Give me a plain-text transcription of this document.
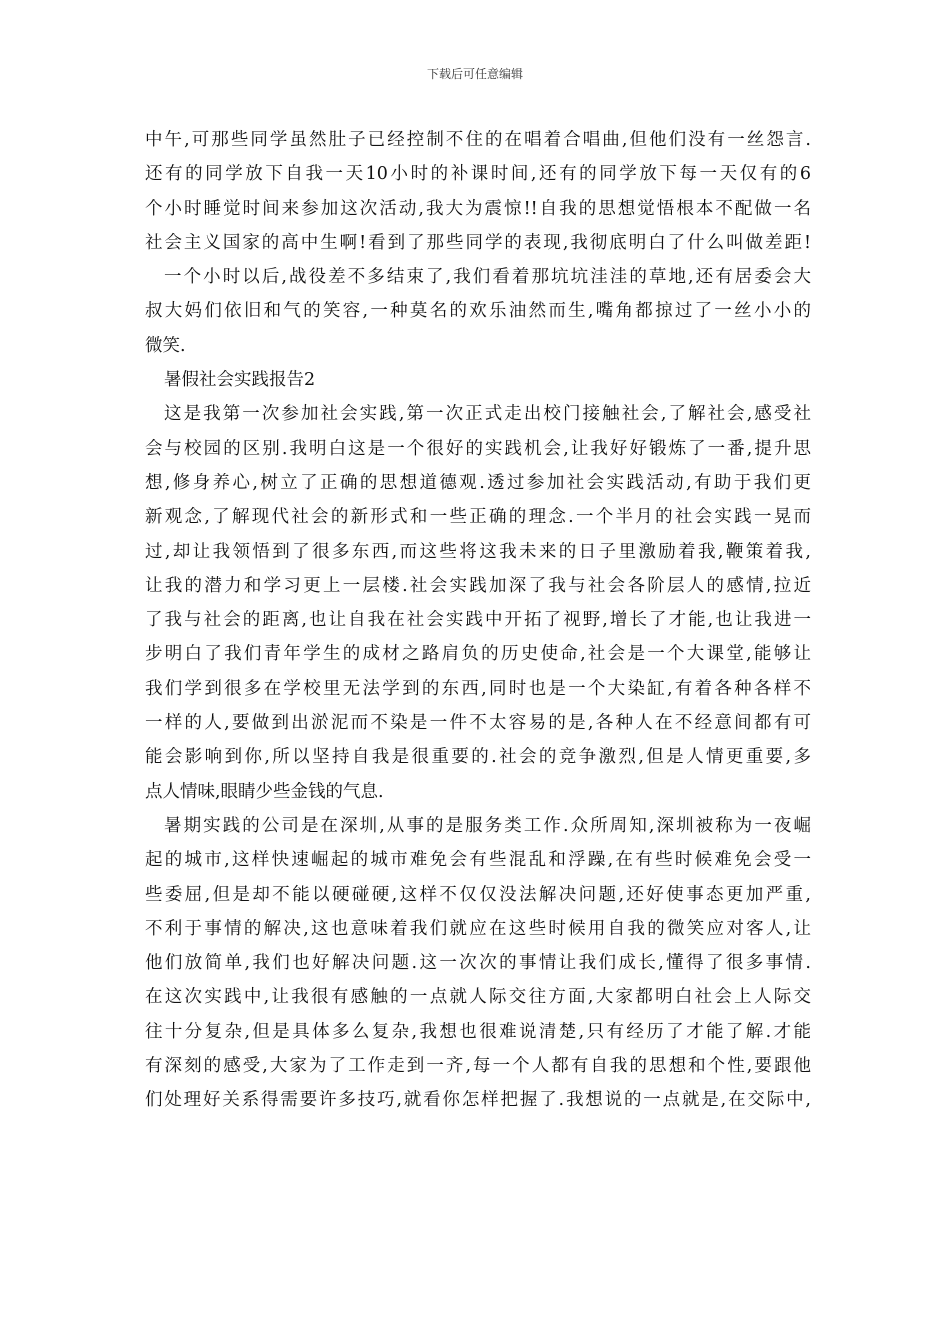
下载后可任意编辑
中午,可那些同学虽然肚子已经控制不住的在唱着合唱曲,但他们没有一丝怨言.
还有的同学放下自我一天10小时的补课时间,还有的同学放下每一天仅有的6
个小时睡觉时间来参加这次活动,我大为震惊!!自我的思想觉悟根本不配做一名
社会主义国家的高中生啊!看到了那些同学的表现,我彻底明白了什么叫做差距!
一个小时以后,战役差不多结束了,我们看着那坑坑洼洼的草地,还有居委会大
叔大妈们依旧和气的笑容,一种莫名的欢乐油然而生,嘴角都掠过了一丝小小的
微笑.
暑假社会实践报告2
这是我第一次参加社会实践,第一次正式走出校门接触社会,了解社会,感受社
会与校园的区别.我明白这是一个很好的实践机会,让我好好锻炼了一番,提升思
想,修身养心,树立了正确的思想道德观.透过参加社会实践活动,有助于我们更
新观念,了解现代社会的新形式和一些正确的理念.一个半月的社会实践一晃而
过,却让我领悟到了很多东西,而这些将这我未来的日子里激励着我,鞭策着我,
让我的潜力和学习更上一层楼.社会实践加深了我与社会各阶层人的感情,拉近
了我与社会的距离,也让自我在社会实践中开拓了视野,增长了才能,也让我进一
步明白了我们青年学生的成材之路肩负的历史使命,社会是一个大课堂,能够让
我们学到很多在学校里无法学到的东西,同时也是一个大染缸,有着各种各样不
一样的人,要做到出淤泥而不染是一件不太容易的是,各种人在不经意间都有可
能会影响到你,所以坚持自我是很重要的.社会的竞争激烈,但是人情更重要,多
点人情味,眼睛少些金钱的气息.
暑期实践的公司是在深圳,从事的是服务类工作.众所周知,深圳被称为一夜崛
起的城市,这样快速崛起的城市难免会有些混乱和浮躁,在有些时候难免会受一
些委屈,但是却不能以硬碰硬,这样不仅仅没法解决问题,还好使事态更加严重,
不利于事情的解决,这也意味着我们就应在这些时候用自我的微笑应对客人,让
他们放简单,我们也好解决问题.这一次次的事情让我们成长,懂得了很多事情.
在这次实践中,让我很有感触的一点就人际交往方面,大家都明白社会上人际交
往十分复杂,但是具体多么复杂,我想也很难说清楚,只有经历了才能了解.才能
有深刻的感受,大家为了工作走到一齐,每一个人都有自我的思想和个性,要跟他
们处理好关系得需要许多技巧,就看你怎样把握了.我想说的一点就是,在交际中,
